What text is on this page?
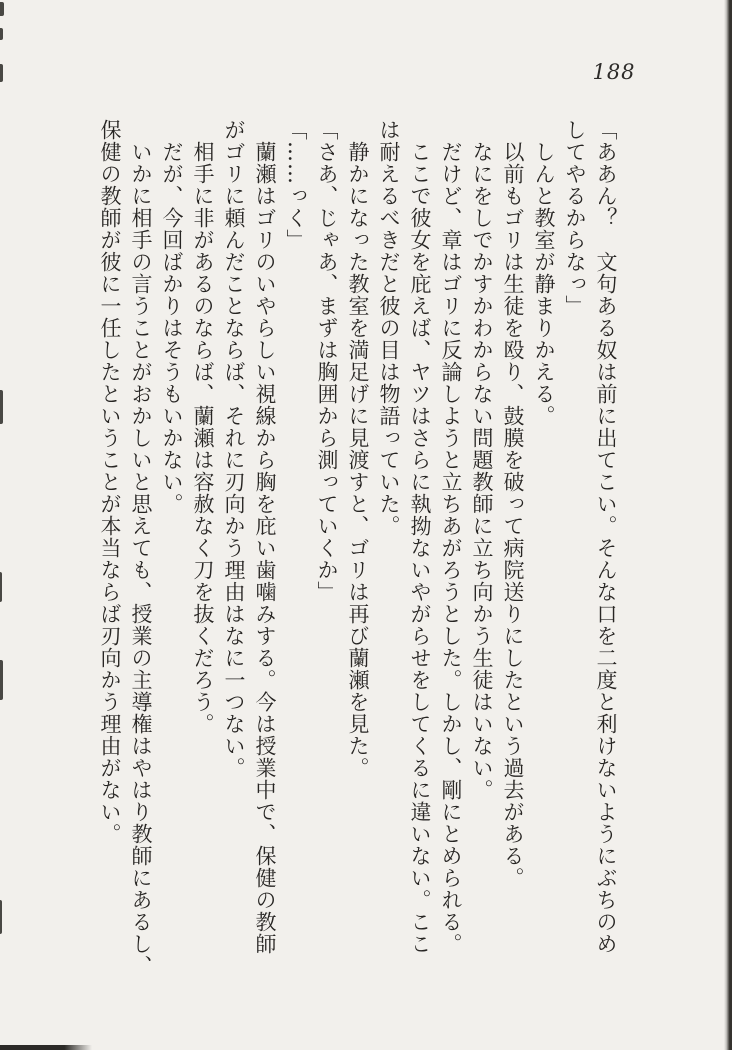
188
「ああん？　文句ある奴は前に出てこい。そんな口を二度と利けないようにぶちのめ
してやるからなっ」
しんと教室が静まりかえる。
以前もゴリは生徒を殴り、鼓膜を破って病院送りにしたという過去がある。
なにをしでかすかわからない問題教師に立ち向かう生徒はいない。
だけど、章はゴリに反論しようと立ちあがろうとした。しかし、剛にとめられる。
ここで彼女を庇えば、ヤツはさらに執拗ないやがらせをしてくるに違いない。ここ
は耐えるべきだと彼の目は物語っていた。
静かになった教室を満足げに見渡すと、ゴリは再び蘭瀬を見た。
「さあ、じゃあ、まずは胸囲から測っていくか」
「……っく」
蘭瀬はゴリのいやらしい視線から胸を庇い歯噛みする。今は授業中で、保健の教師
がゴリに頼んだことならば、それに刃向かう理由はなに一つない。
相手に非があるのならば、蘭瀬は容赦なく刀を抜くだろう。
だが、今回ばかりはそうもいかない。
いかに相手の言うことがおかしいと思えても、授業の主導権はやはり教師にあるし、
保健の教師が彼に一任したということが本当ならば刃向かう理由がない。
